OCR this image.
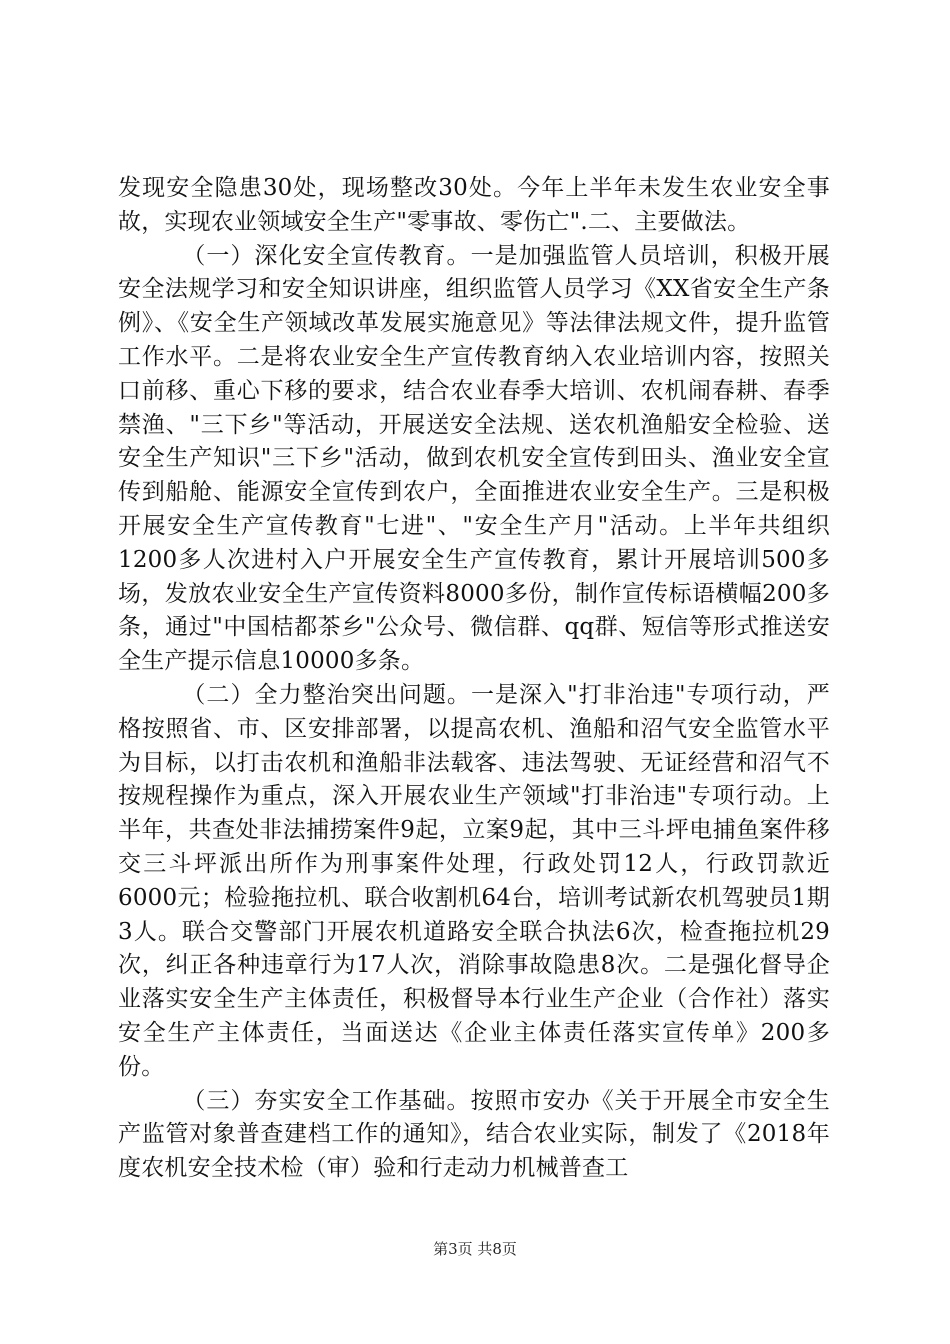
发现安全隐患30处，现场整改30处。今年上半年未发生农业安全事故，实现农业领域安全生产"零事故、零伤亡".二、主要做法。

（一）深化安全宣传教育。一是加强监管人员培训，积极开展安全法规学习和安全知识讲座，组织监管人员学习《XX省安全生产条例》、《安全生产领域改革发展实施意见》等法律法规文件，提升监管工作水平。二是将农业安全生产宣传教育纳入农业培训内容，按照关口前移、重心下移的要求，结合农业春季大培训、农机闹春耕、春季禁渔、"三下乡"等活动，开展送安全法规、送农机渔船安全检验、送安全生产知识"三下乡"活动，做到农机安全宣传到田头、渔业安全宣传到船舱、能源安全宣传到农户，全面推进农业安全生产。三是积极开展安全生产宣传教育"七进"、"安全生产月"活动。上半年共组织1200多人次进村入户开展安全生产宣传教育，累计开展培训500多场，发放农业安全生产宣传资料8000多份，制作宣传标语横幅200多条，通过"中国桔都茶乡"公众号、微信群、qq群、短信等形式推送安全生产提示信息10000多条。

（二）全力整治突出问题。一是深入"打非治违"专项行动，严格按照省、市、区安排部署，以提高农机、渔船和沼气安全监管水平为目标，以打击农机和渔船非法载客、违法驾驶、无证经营和沼气不按规程操作为重点，深入开展农业生产领域"打非治违"专项行动。上半年，共查处非法捕捞案件9起，立案9起，其中三斗坪电捕鱼案件移交三斗坪派出所作为刑事案件处理，行政处罚12人，行政罚款近6000元；检验拖拉机、联合收割机64台，培训考试新农机驾驶员1期3人。联合交警部门开展农机道路安全联合执法6次，检查拖拉机29次，纠正各种违章行为17人次，消除事故隐患8次。二是强化督导企业落实安全生产主体责任，积极督导本行业生产企业（合作社）落实安全生产主体责任，当面送达《企业主体责任落实宣传单》200多份。

（三）夯实安全工作基础。按照市安办《关于开展全市安全生产监管对象普查建档工作的通知》，结合农业实际，制发了《2018年度农机安全技术检（审）验和行走动力机械普查工

第3页 共8页
